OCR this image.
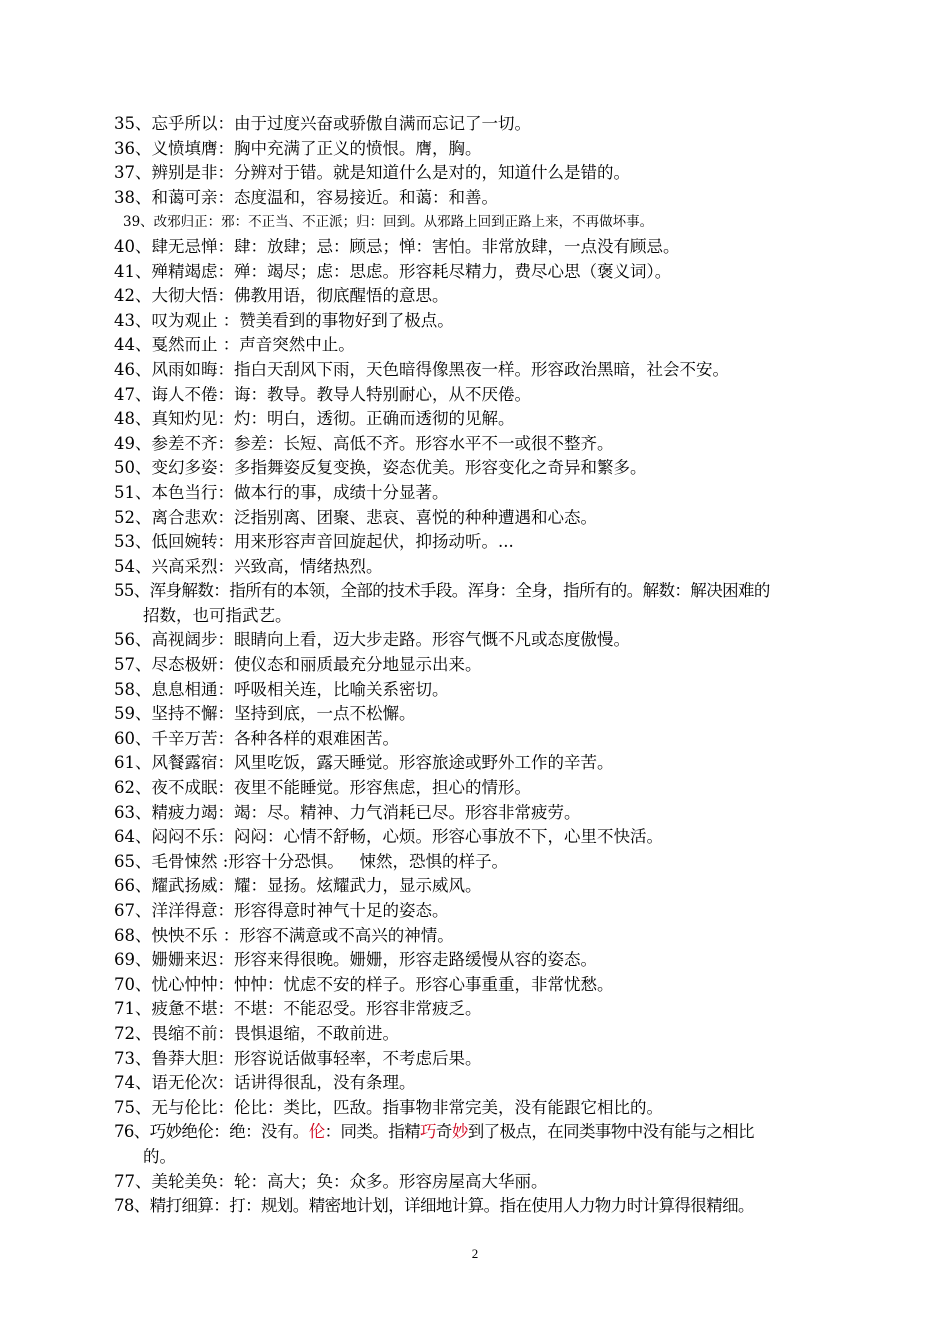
35、忘乎所以：由于过度兴奋或骄傲自满而忘记了一切。
36、义愤填膺：胸中充满了正义的愤恨。膺，胸。
37、辨别是非：分辨对于错。就是知道什么是对的，知道什么是错的。
38、和蔼可亲：态度温和，容易接近。和蔼：和善。
39、改邪归正：邪：不正当、不正派；归：回到。从邪路上回到正路上来，不再做坏事。
40、肆无忌惮：肆：放肆；忌：顾忌；惮：害怕。非常放肆，一点没有顾忌。
41、殚精竭虑：殚：竭尽；虑：思虑。形容耗尽精力，费尽心思（褒义词）。
42、大彻大悟：佛教用语，彻底醒悟的意思。
43、叹为观止 ：赞美看到的事物好到了极点。
44、戛然而止 ：声音突然中止。
46、风雨如晦：指白天刮风下雨，天色暗得像黑夜一样。形容政治黑暗，社会不安。
47、诲人不倦：诲：教导。教导人特别耐心，从不厌倦。
48、真知灼见：灼：明白，透彻。正确而透彻的见解。
49、参差不齐：参差：长短、高低不齐。形容水平不一或很不整齐。
50、变幻多姿：多指舞姿反复变换，姿态优美。形容变化之奇异和繁多。
51、本色当行：做本行的事，成绩十分显著。
52、离合悲欢：泛指别离、团聚、悲哀、喜悦的种种遭遇和心态。
53、低回婉转：用来形容声音回旋起伏，抑扬动听。...
54、兴高采烈：兴致高，情绪热烈。
55、浑身解数：指所有的本领，全部的技术手段。浑身：全身，指所有的。解数：解决困难的
招数，也可指武艺。
56、高视阔步：眼睛向上看，迈大步走路。形容气慨不凡或态度傲慢。
57、尽态极妍：使仪态和丽质最充分地显示出来。
58、息息相通：呼吸相关连，比喻关系密切。
59、坚持不懈：坚持到底，一点不松懈。
60、千辛万苦：各种各样的艰难困苦。
61、风餐露宿：风里吃饭，露天睡觉。形容旅途或野外工作的辛苦。
62、夜不成眠：夜里不能睡觉。形容焦虑，担心的情形。
63、精疲力竭：竭：尽。精神、力气消耗已尽。形容非常疲劳。
64、闷闷不乐：闷闷：心情不舒畅，心烦。形容心事放不下，心里不快活。
65、毛骨悚然 :形容十分恐惧。   悚然，恐惧的样子。
66、耀武扬威：耀：显扬。炫耀武力，显示威风。
67、洋洋得意：形容得意时神气十足的姿态。
68、怏怏不乐 ：形容不满意或不高兴的神情。
69、姗姗来迟：形容来得很晚。姗姗，形容走路缓慢从容的姿态。
70、忧心忡忡：忡忡：忧虑不安的样子。形容心事重重，非常忧愁。
71、疲惫不堪：不堪：不能忍受。形容非常疲乏。
72、畏缩不前：畏惧退缩，不敢前进。
73、鲁莽大胆：形容说话做事轻率，不考虑后果。
74、语无伦次：话讲得很乱，没有条理。
75、无与伦比：伦比：类比，匹敌。指事物非常完美，没有能跟它相比的。
76、巧妙绝伦：绝：没有。伦：同类。指精巧奇妙到了极点，在同类事物中没有能与之相比
的。
77、美轮美奂：轮：高大；奂：众多。形容房屋高大华丽。
78、精打细算：打：规划。精密地计划，详细地计算。指在使用人力物力时计算得很精细。
2
